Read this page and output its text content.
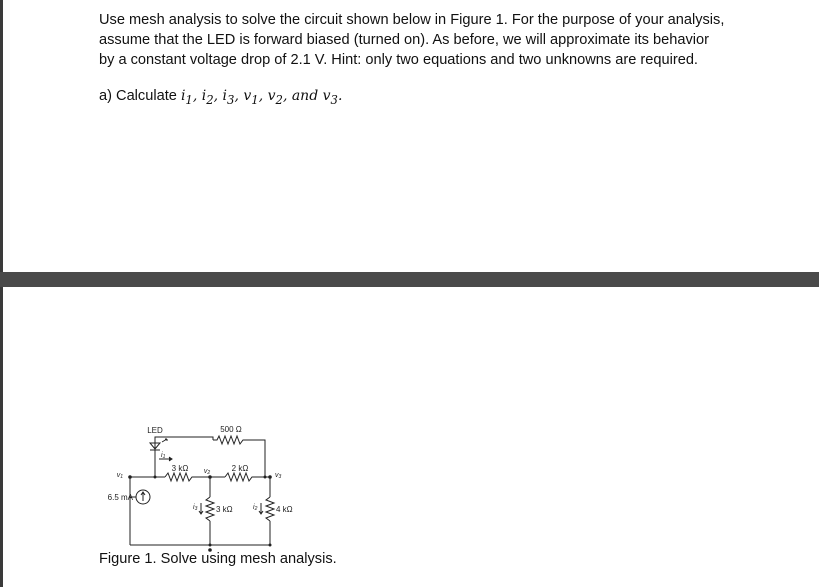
Use mesh analysis to solve the circuit shown below in Figure 1. For the purpose of your analysis,
assume that the LED is forward biased (turned on). As before, we will approximate its behavior
by a constant voltage drop of 2.1 V. Hint: only two equations and two unknowns are required.

a) Calculate $i_1$, $i_2$, $i_3$, $v_1$, $v_2$, and $v_3$.

LED
i1
500 Ω
3 kΩ	2 kΩ
v1
v2	v3
6.5 mA
i3 3 kΩ	i2 4 kΩ

Figure 1. Solve using mesh analysis.
